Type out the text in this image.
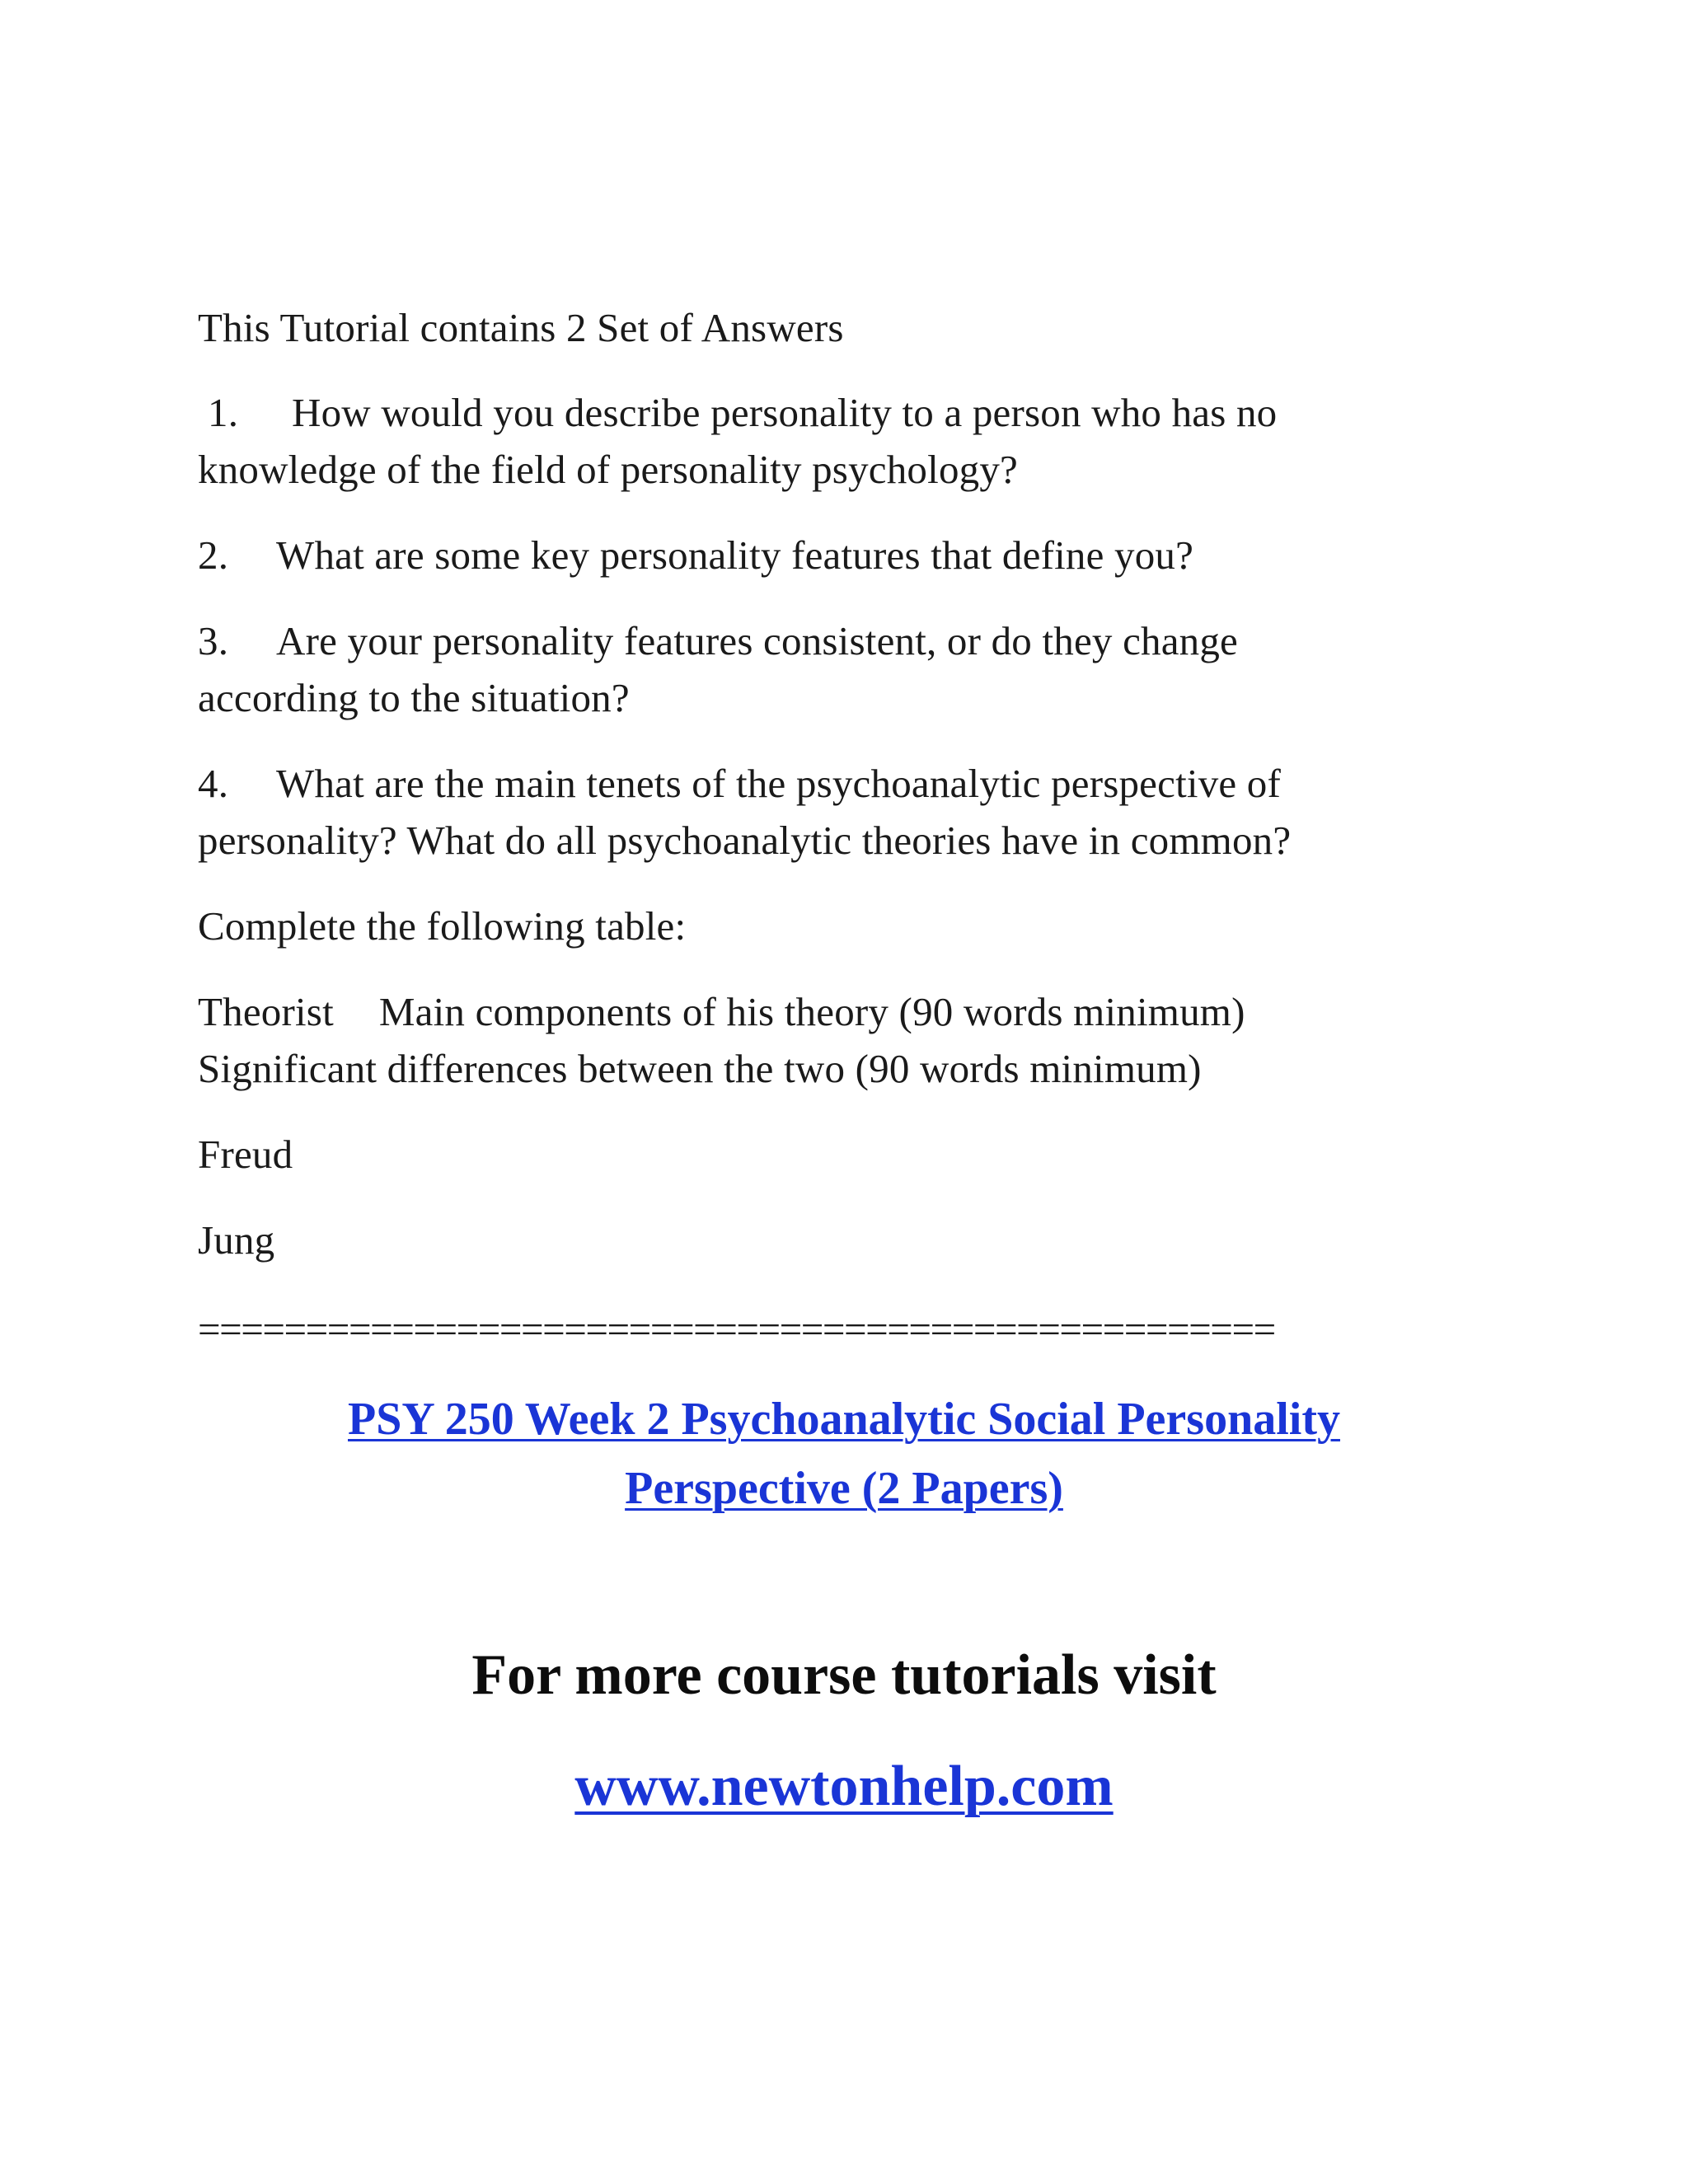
This Tutorial contains 2 Set of Answers

1. How would you describe personality to a person who has no

knowledge of the field of personality psychology?

2. What are some key personality features that define you?

3. Are your personality features consistent, or do they change

according to the situation?

4. What are the main tenets of the psychoanalytic perspective of

personality? What do all psychoanalytic theories have in common?

Complete the following table:

Theorist Main components of his theory (90 words minimum)

Significant differences between the two (90 words minimum)

Freud

Jung

==================================================

PSY 250 Week 2 Psychoanalytic Social Personality

Perspective (2 Papers)

For more course tutorials visit

www.newtonhelp.com
